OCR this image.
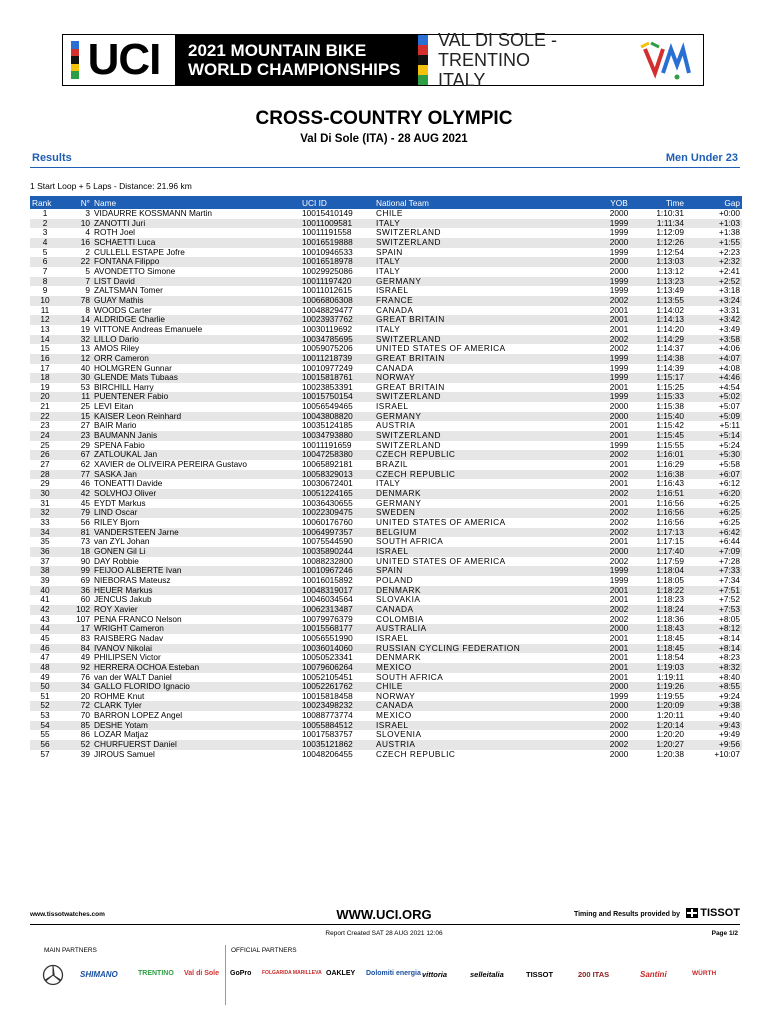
UCI 2021 MOUNTAIN BIKE
WORLD CHAMPIONSHIPS
VAL DI SOLE - TRENTINO
ITALY
CROSS-COUNTRY OLYMPIC
Val Di Sole (ITA) - 28 AUG 2021
Results	Men Under 23
1 Start Loop + 5 Laps - Distance: 21.96 km
Rank	N°	Name	UCI ID	National Team	YOB	Time	Gap
1	3	VIDAURRE KOSSMANN Martin	10015410149	CHILE	2000	1:10:31	+0:00
2	10	ZANOTTI Juri	10011009581	ITALY	1999	1:11:34	+1:03
3	4	ROTH Joel	10011191558	SWITZERLAND	1999	1:12:09	+1:38
4	16	SCHAETTI Luca	10016519888	SWITZERLAND	2000	1:12:26	+1:55
5	2	CULLELL ESTAPE Jofre	10010946533	SPAIN	1999	1:12:54	+2:23
6	22	FONTANA Filippo	10016518978	ITALY	2000	1:13:03	+2:32
7	5	AVONDETTO Simone	10029925086	ITALY	2000	1:13:12	+2:41
8	7	LIST David	10011197420	GERMANY	1999	1:13:23	+2:52
9	9	ZALTSMAN Tomer	10011012615	ISRAEL	1999	1:13:49	+3:18
10	78	GUAY Mathis	10066806308	FRANCE	2002	1:13:55	+3:24
11	8	WOODS Carter	10048829477	CANADA	2001	1:14:02	+3:31
12	14	ALDRIDGE Charlie	10023937762	GREAT BRITAIN	2001	1:14:13	+3:42
13	19	VITTONE Andreas Emanuele	10030119692	ITALY	2001	1:14:20	+3:49
14	32	LILLO Dario	10034785695	SWITZERLAND	2002	1:14:29	+3:58
15	13	AMOS Riley	10059075206	UNITED STATES OF AMERICA	2002	1:14:37	+4:06
16	12	ORR Cameron	10011218739	GREAT BRITAIN	1999	1:14:38	+4:07
17	40	HOLMGREN Gunnar	10010977249	CANADA	1999	1:14:39	+4:08
18	30	GLENDE Mats Tubaas	10015818761	NORWAY	1999	1:15:17	+4:46
19	53	BIRCHILL Harry	10023853391	GREAT BRITAIN	2001	1:15:25	+4:54
20	11	PUENTENER Fabio	10015750154	SWITZERLAND	1999	1:15:33	+5:02
21	25	LEVI Eitan	10056549465	ISRAEL	2000	1:15:38	+5:07
22	15	KAISER Leon Reinhard	10043808820	GERMANY	2000	1:15:40	+5:09
23	27	BAIR Mario	10035124185	AUSTRIA	2001	1:15:42	+5:11
24	23	BAUMANN Janis	10034793880	SWITZERLAND	2001	1:15:45	+5:14
25	29	SPENA Fabio	10011191659	SWITZERLAND	1999	1:15:55	+5:24
26	67	ZATLOUKAL Jan	10047258380	CZECH REPUBLIC	2002	1:16:01	+5:30
27	62	XAVIER de OLIVEIRA PEREIRA Gustavo	10065892181	BRAZIL	2001	1:16:29	+5:58
28	77	SASKA Jan	10058329013	CZECH REPUBLIC	2002	1:16:38	+6:07
29	46	TONEATTI Davide	10030672401	ITALY	2001	1:16:43	+6:12
30	42	SOLVHOJ Oliver	10051224165	DENMARK	2002	1:16:51	+6:20
31	45	EYDT Markus	10036430655	GERMANY	2001	1:16:56	+6:25
32	79	LIND Oscar	10022309475	SWEDEN	2002	1:16:56	+6:25
33	56	RILEY Bjorn	10060176760	UNITED STATES OF AMERICA	2002	1:16:56	+6:25
34	81	VANDERSTEEN Jarne	10064997357	BELGIUM	2002	1:17:13	+6:42
35	73	van ZYL Johan	10075544590	SOUTH AFRICA	2001	1:17:15	+6:44
36	18	GONEN Gil Li	10035890244	ISRAEL	2000	1:17:40	+7:09
37	90	DAY Robbie	10088232800	UNITED STATES OF AMERICA	2002	1:17:59	+7:28
38	99	FEIJOO ALBERTE Ivan	10010967246	SPAIN	1999	1:18:04	+7:33
39	69	NIEBORAS Mateusz	10016015892	POLAND	1999	1:18:05	+7:34
40	36	HEUER Markus	10048319017	DENMARK	2001	1:18:22	+7:51
41	60	JENCUS Jakub	10046034564	SLOVAKIA	2001	1:18:23	+7:52
42	102	ROY Xavier	10062313487	CANADA	2002	1:18:24	+7:53
43	107	PENA FRANCO Nelson	10079976379	COLOMBIA	2002	1:18:36	+8:05
44	17	WRIGHT Cameron	10015568177	AUSTRALIA	2000	1:18:43	+8:12
45	83	RAISBERG Nadav	10056551990	ISRAEL	2001	1:18:45	+8:14
46	84	IVANOV Nikolai	10036014060	RUSSIAN CYCLING FEDERATION	2001	1:18:45	+8:14
47	49	PHILIPSEN Victor	10050523341	DENMARK	2001	1:18:54	+8:23
48	92	HERRERA OCHOA Esteban	10079606264	MEXICO	2001	1:19:03	+8:32
49	76	van der WALT Daniel	10052105451	SOUTH AFRICA	2001	1:19:11	+8:40
50	34	GALLO FLORIDO Ignacio	10052261762	CHILE	2000	1:19:26	+8:55
51	20	ROHME Knut	10015818458	NORWAY	1999	1:19:55	+9:24
52	72	CLARK Tyler	10023498232	CANADA	2000	1:20:09	+9:38
53	70	BARRON LOPEZ Angel	10088773774	MEXICO	2000	1:20:11	+9:40
54	85	DESHE Yotam	10055884512	ISRAEL	2002	1:20:14	+9:43
55	86	LOZAR Matjaz	10017583757	SLOVENIA	2000	1:20:20	+9:49
56	52	CHURFUERST Daniel	10035121862	AUSTRIA	2002	1:20:27	+9:56
57	39	JIROUS Samuel	10048206455	CZECH REPUBLIC	2000	1:20:38	+10:07
www.tissotwatches.com	WWW.UCI.ORG	Timing and Results provided by TISSOT
Report Created SAT 28 AUG 2021 12:06	Page 1/2
MAIN PARTNERS	OFFICIAL PARTNERS
SHIMANO	TRENTINO Val di Sole GoPro FOLGARIDA MARILLEVA OAKLEY Dolomiti energia vittoria	selleitalia	TISSOT	200 ITAS	Santini	WÜRTH
